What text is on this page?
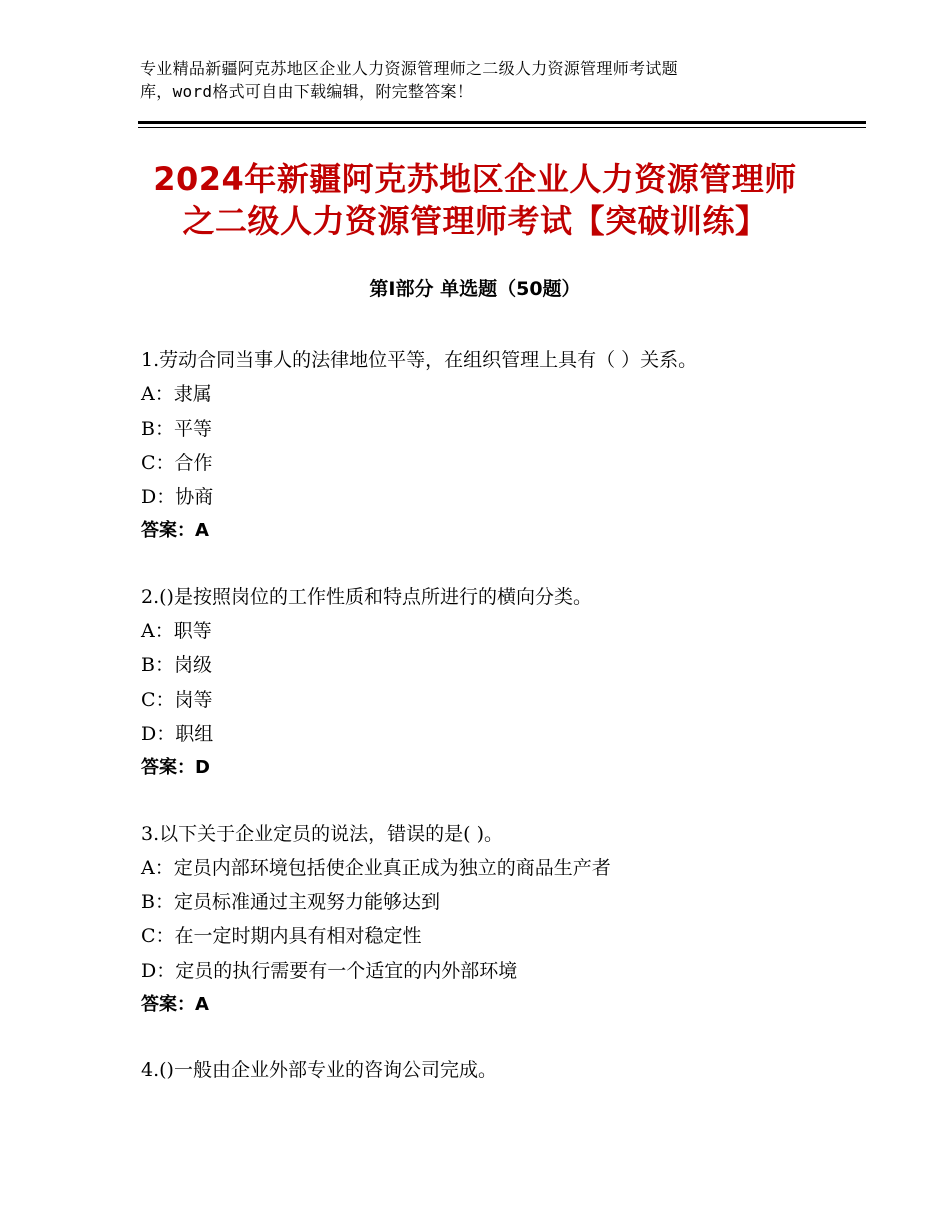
专业精品新疆阿克苏地区企业人力资源管理师之二级人力资源管理师考试题
库，word格式可自由下载编辑，附完整答案！
2024年新疆阿克苏地区企业人力资源管理师
之二级人力资源管理师考试【突破训练】
第Ⅰ部分 单选题（50题）
1.劳动合同当事人的法律地位平等，在组织管理上具有（ ）关系。
A：隶属
B：平等
C：合作
D：协商
答案：A
2.()是按照岗位的工作性质和特点所进行的横向分类。
A：职等
B：岗级
C：岗等
D：职组
答案：D
3.以下关于企业定员的说法，错误的是( )。
A：定员内部环境包括使企业真正成为独立的商品生产者
B：定员标准通过主观努力能够达到
C：在一定时期内具有相对稳定性
D：定员的执行需要有一个适宜的内外部环境
答案：A
4.()一般由企业外部专业的咨询公司完成。
